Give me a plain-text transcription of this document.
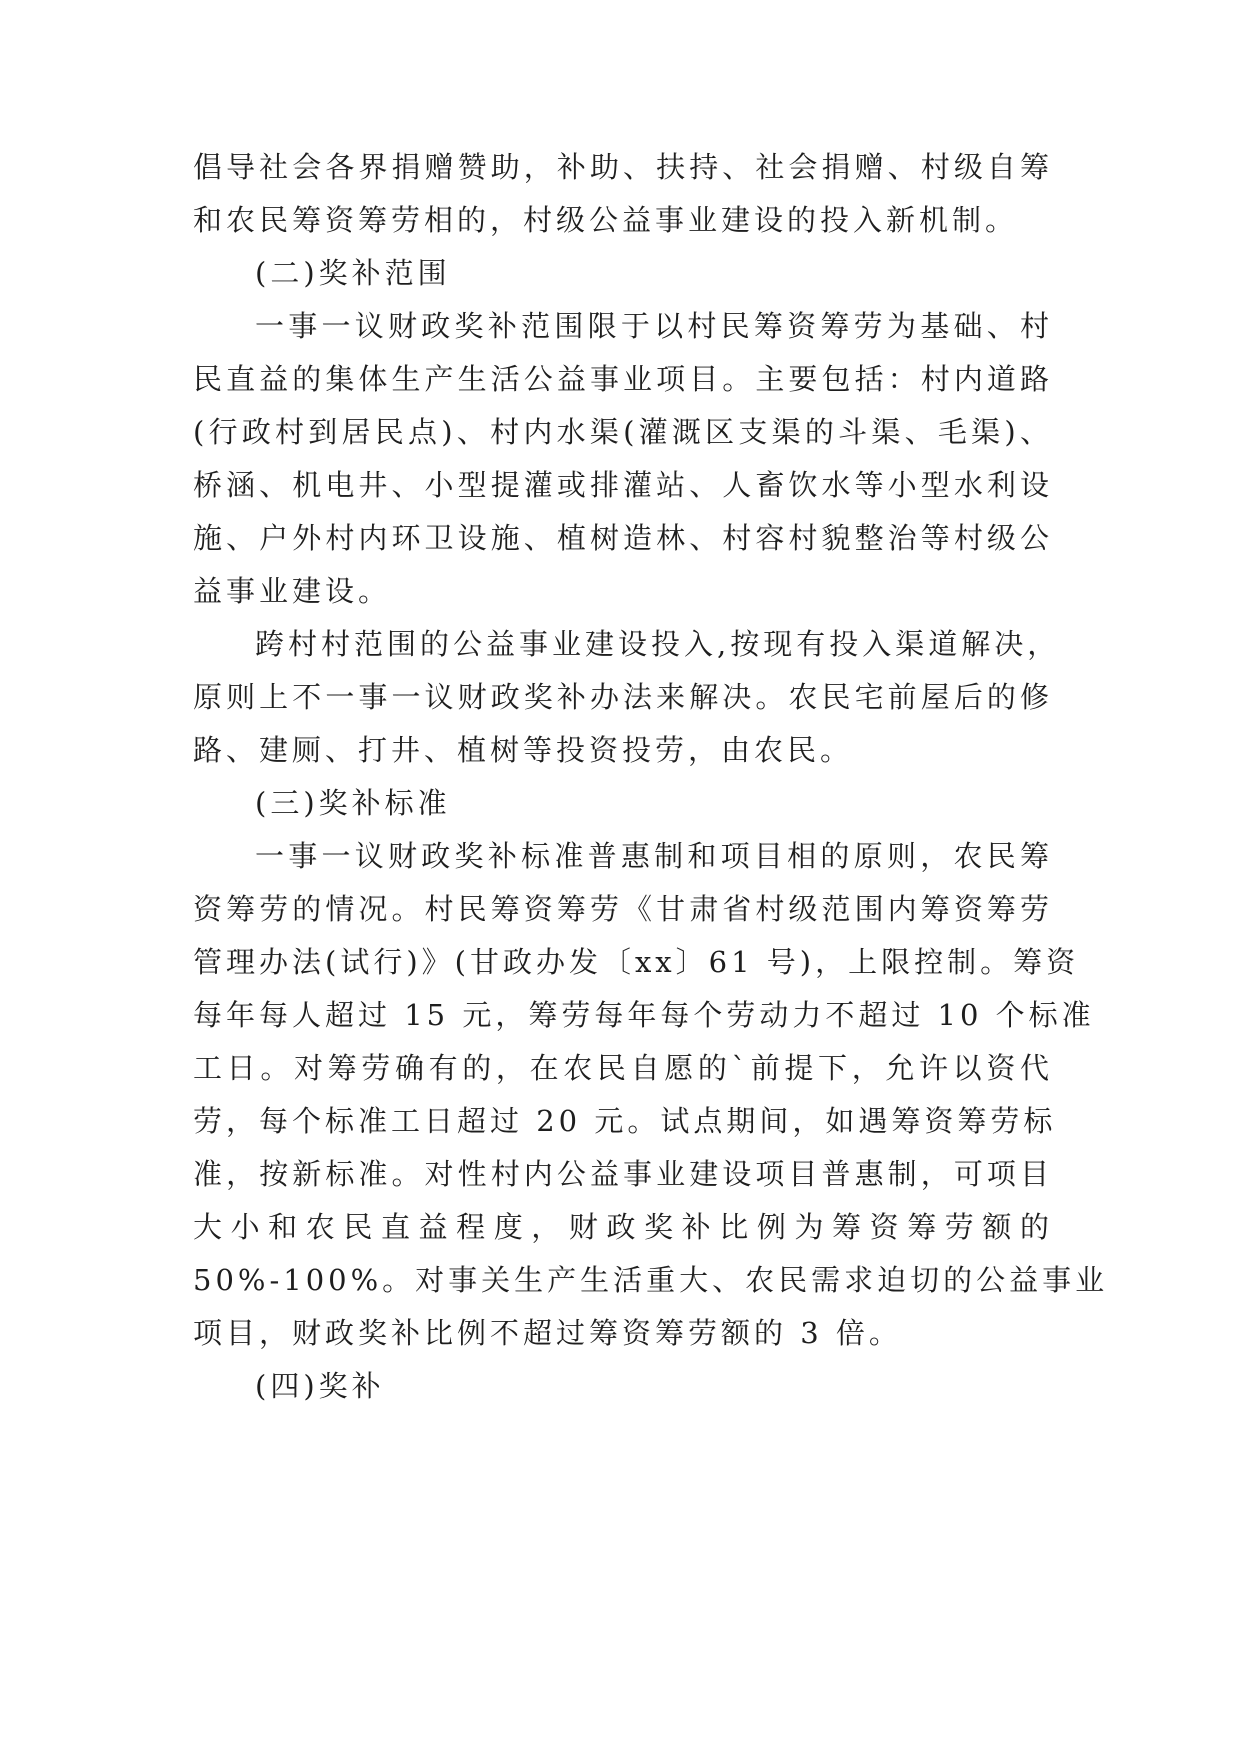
倡导社会各界捐赠赞助，补助、扶持、社会捐赠、村级自筹
和农民筹资筹劳相的，村级公益事业建设的投入新机制。
(二)奖补范围
一事一议财政奖补范围限于以村民筹资筹劳为基础、村
民直益的集体生产生活公益事业项目。主要包括：村内道路
(行政村到居民点)、村内水渠(灌溉区支渠的斗渠、毛渠)、
桥涵、机电井、小型提灌或排灌站、人畜饮水等小型水利设
施、户外村内环卫设施、植树造林、村容村貌整治等村级公
益事业建设。
跨村村范围的公益事业建设投入,按现有投入渠道解决，
原则上不一事一议财政奖补办法来解决。农民宅前屋后的修
路、建厕、打井、植树等投资投劳，由农民。
(三)奖补标准
一事一议财政奖补标准普惠制和项目相的原则，农民筹
资筹劳的情况。村民筹资筹劳《甘肃省村级范围内筹资筹劳
管理办法(试行)》(甘政办发〔xx〕61 号)，上限控制。筹资
每年每人超过 15 元，筹劳每年每个劳动力不超过 10 个标准
工日。对筹劳确有的，在农民自愿的`前提下，允许以资代
劳，每个标准工日超过 20 元。试点期间，如遇筹资筹劳标
准，按新标准。对性村内公益事业建设项目普惠制，可项目
大小和农民直益程度，财政奖补比例为筹资筹劳额的
50%-100%。对事关生产生活重大、农民需求迫切的公益事业
项目，财政奖补比例不超过筹资筹劳额的 3 倍。
(四)奖补
